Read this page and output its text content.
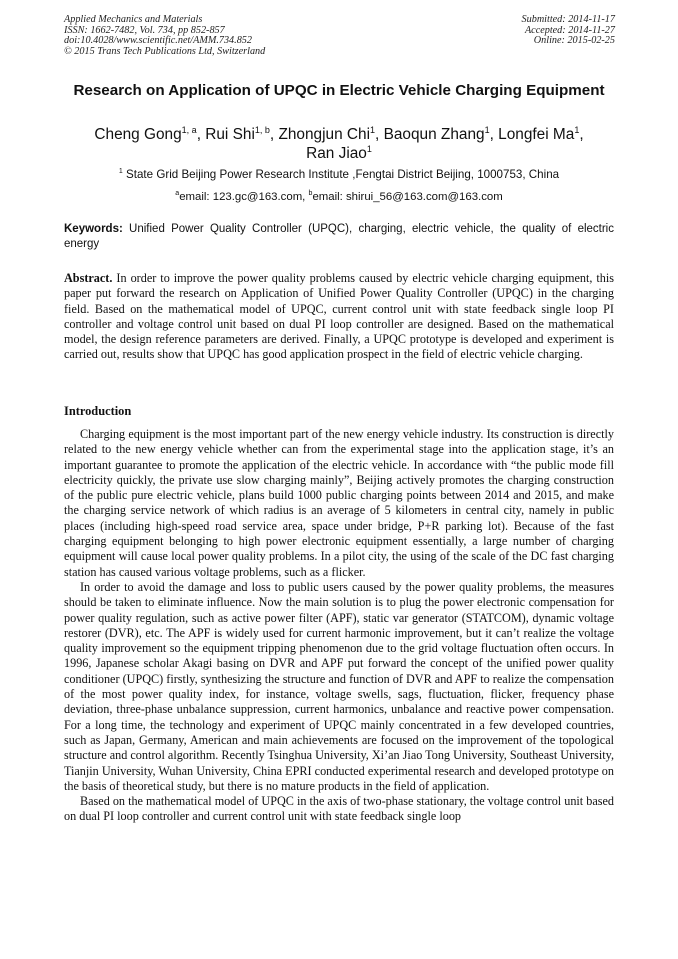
Applied Mechanics and Materials
ISSN: 1662-7482, Vol. 734, pp 852-857
doi:10.4028/www.scientific.net/AMM.734.852
© 2015 Trans Tech Publications Ltd, Switzerland
Submitted: 2014-11-17
Accepted: 2014-11-27
Online: 2015-02-25
Research on Application of UPQC in Electric Vehicle Charging Equipment
Cheng Gong$^{1, a}$, Rui Shi$^{1, b}$, Zhongjun Chi$^1$, Baoqun Zhang$^1$, Longfei Ma$^1$,
Ran Jiao$^1$
$^1$ State Grid Beijing Power Research Institute ,Fengtai District Beijing, 1000753, China
$^a$email: 123.gc@163.com, $^b$email: shirui_56@163.com@163.com
Keywords: Unified Power Quality Controller (UPQC), charging, electric vehicle, the quality of electric energy
Abstract. In order to improve the power quality problems caused by electric vehicle charging equipment, this paper put forward the research on Application of Unified Power Quality Controller (UPQC) in the charging field. Based on the mathematical model of UPQC, current control unit with state feedback single loop PI controller and voltage control unit based on dual PI loop controller are designed. Based on the mathematical model, the design reference parameters are derived. Finally, a UPQC prototype is developed and experiment is carried out, results show that UPQC has good application prospect in the field of electric vehicle charging.
Introduction

Charging equipment is the most important part of the new energy vehicle industry. Its construction is directly related to the new energy vehicle whether can from the experimental stage into the application stage, it’s an important guarantee to promote the application of the electric vehicle. In accordance with “the public mode fill electricity quickly, the private use slow charging mainly”, Beijing actively promotes the charging construction of the public pure electric vehicle, plans build 1000 public charging points between 2014 and 2015, and make the charging service network of which radius is an average of 5 kilometers in central city, namely in public places (including high-speed road service area, space under bridge, P+R parking lot). Because of the fast charging equipment belonging to high power electronic equipment essentially, a large number of charging equipment will cause local power quality problems. In a pilot city, the using of the scale of the DC fast charging station has caused various voltage problems, such as a flicker.

In order to avoid the damage and loss to public users caused by the power quality problems, the measures should be taken to eliminate influence. Now the main solution is to plug the power electronic compensation for power quality regulation, such as active power filter (APF), static var generator (STATCOM), dynamic voltage restorer (DVR), etc. The APF is widely used for current harmonic improvement, but it can’t realize the voltage quality improvement so the equipment tripping phenomenon due to the grid voltage fluctuation often occurs. In 1996, Japanese scholar Akagi basing on DVR and APF put forward the concept of the unified power quality conditioner (UPQC) firstly, synthesizing the structure and function of DVR and APF to realize the compensation of the most power quality index, for instance, voltage swells, sags, fluctuation, flicker, frequency phase deviation, three-phase unbalance suppression, current harmonics, unbalance and reactive power compensation. For a long time, the technology and experiment of UPQC mainly concentrated in a few developed countries, such as Japan, Germany, American and main achievements are focused on the improvement of the topological structure and control algorithm. Recently Tsinghua University, Xi’an Jiao Tong University, Southeast University, Tianjin University, Wuhan University, China EPRI conducted experimental research and developed prototype on the basis of theoretical study, but there is no mature products in the field of application.

Based on the mathematical model of UPQC in the axis of two-phase stationary, the voltage control unit based on dual PI loop controller and current control unit with state feedback single loop
